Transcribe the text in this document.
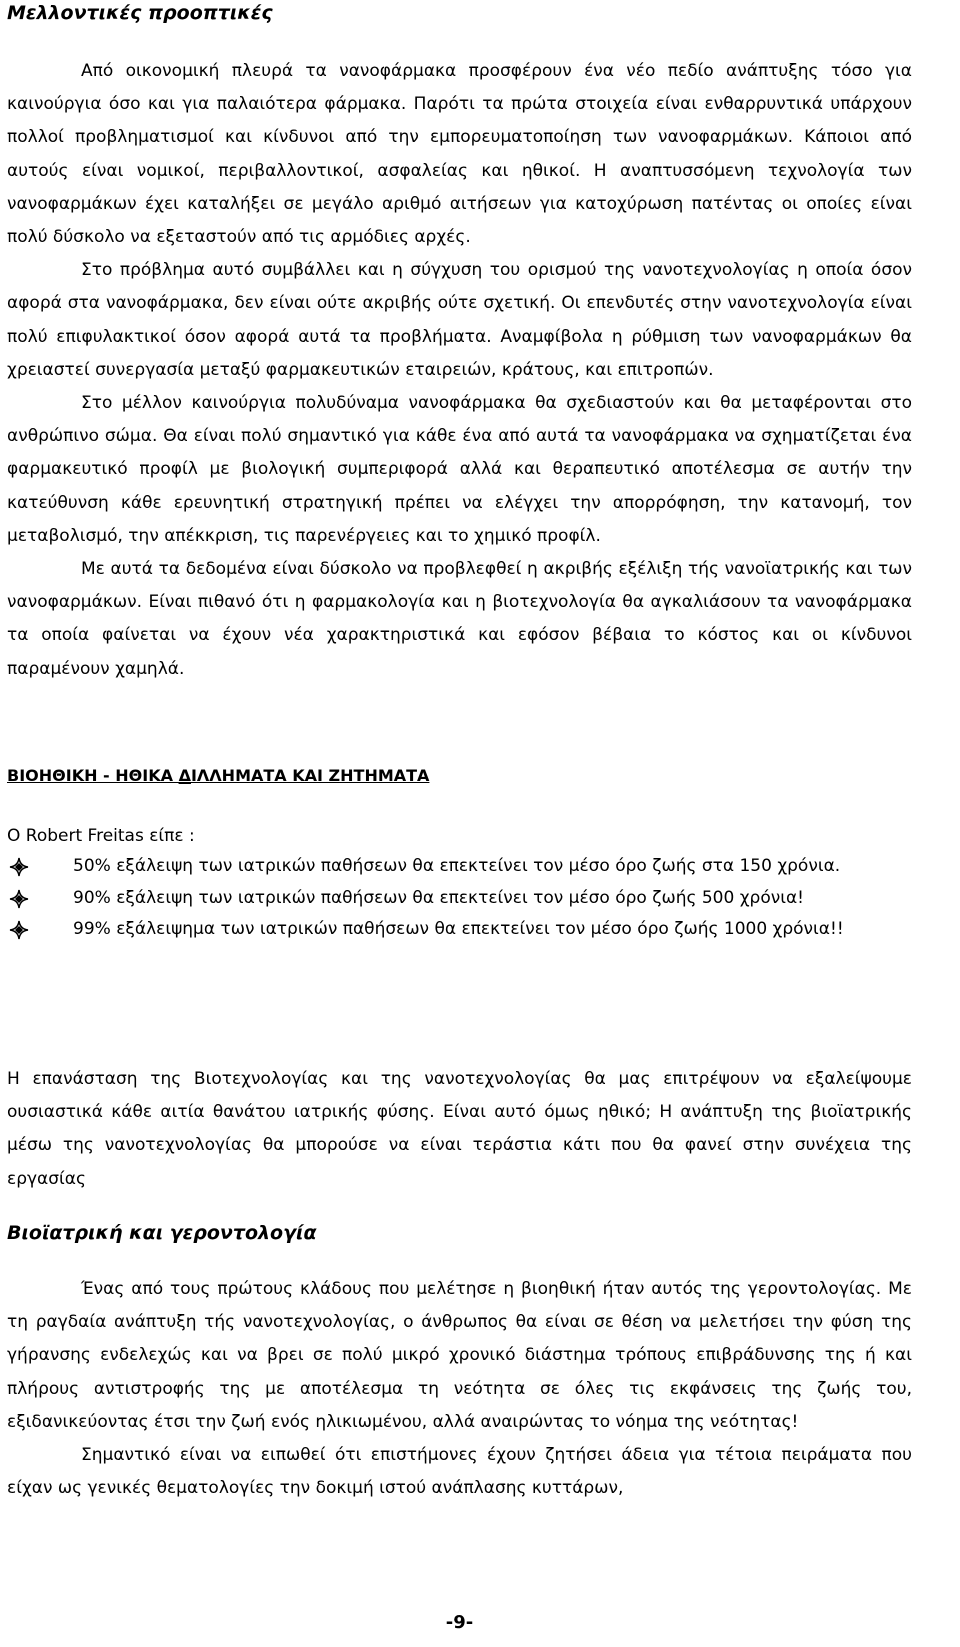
Μελλοντικές προοπτικές

Από οικονομική πλευρά τα νανοφάρμακα προσφέρουν ένα νέο πεδίο ανάπτυξης τόσο για καινούργια όσο και για παλαιότερα φάρμακα. Παρότι τα πρώτα στοιχεία είναι ενθαρρυντικά υπάρχουν πολλοί προβληματισμοί και κίνδυνοι από την εμπορευματοποίηση των νανοφαρμάκων. Κάποιοι από αυτούς είναι νομικοί, περιβαλλοντικοί, ασφαλείας και ηθικοί. Η αναπτυσσόμενη τεχνολογία των νανοφαρμάκων έχει καταλήξει σε μεγάλο αριθμό αιτήσεων για κατοχύρωση πατέντας οι οποίες είναι πολύ δύσκολο να εξεταστούν από τις αρμόδιες αρχές.

Στο πρόβλημα αυτό συμβάλλει και η σύγχυση του ορισμού της νανοτεχνολογίας η οποία όσον αφορά στα νανοφάρμακα, δεν είναι ούτε ακριβής ούτε σχετική. Οι επενδυτές στην νανοτεχνολογία είναι πολύ επιφυλακτικοί όσον αφορά αυτά τα προβλήματα. Αναμφίβολα η ρύθμιση των νανοφαρμάκων θα χρειαστεί συνεργασία μεταξύ φαρμακευτικών εταιρειών, κράτους, και επιτροπών.

Στο μέλλον καινούργια πολυδύναμα νανοφάρμακα θα σχεδιαστούν και θα μεταφέρονται στο ανθρώπινο σώμα. Θα είναι πολύ σημαντικό για κάθε ένα από αυτά τα νανοφάρμακα να σχηματίζεται ένα φαρμακευτικό προφίλ με βιολογική συμπεριφορά αλλά και θεραπευτικό αποτέλεσμα σε αυτήν την κατεύθυνση κάθε ερευνητική στρατηγική πρέπει να ελέγχει την απορρόφηση, την κατανομή, τον μεταβολισμό, την απέκκριση, τις παρενέργειες και το χημικό προφίλ.

Με αυτά τα δεδομένα είναι δύσκολο να προβλεφθεί η ακριβής εξέλιξη τής νανοϊατρικής και των νανοφαρμάκων. Είναι πιθανό ότι η φαρμακολογία και η βιοτεχνολογία θα αγκαλιάσουν τα νανοφάρμακα τα οποία φαίνεται να έχουν νέα χαρακτηριστικά και εφόσον βέβαια το κόστος και οι κίνδυνοι παραμένουν χαμηλά.

ΒΙΟΗΘΙΚΗ - ΗΘΙΚΑ ΔΙΛΛΗΜΑΤΑ ΚΑΙ ΖΗΤΗΜΑΤΑ

Ο Robert Freitas είπε :

50% εξάλειψη των ιατρικών παθήσεων θα επεκτείνει τον μέσο όρο ζωής στα 150 χρόνια.
90% εξάλειψη των ιατρικών παθήσεων θα επεκτείνει τον μέσο όρο ζωής 500 χρόνια!
99% εξάλειψημα των ιατρικών παθήσεων θα επεκτείνει τον μέσο όρο ζωής 1000 χρόνια!!

Η επανάσταση της Βιοτεχνολογίας και της νανοτεχνολογίας θα μας επιτρέψουν να εξαλείψουμε ουσιαστικά κάθε αιτία θανάτου ιατρικής φύσης. Είναι αυτό όμως ηθικό; Η ανάπτυξη της βιοϊατρικής μέσω της νανοτεχνολογίας θα μπορούσε να είναι τεράστια κάτι που θα φανεί στην συνέχεια της εργασίας

Βιοϊατρική και γεροντολογία

Ένας από τους πρώτους κλάδους που μελέτησε η βιοηθική ήταν αυτός της γεροντολογίας. Με τη ραγδαία ανάπτυξη τής νανοτεχνολογίας, ο άνθρωπος θα είναι σε θέση να μελετήσει την φύση της γήρανσης ενδελεχώς και να βρει σε πολύ μικρό χρονικό διάστημα τρόπους επιβράδυνσης της ή και πλήρους αντιστροφής της με αποτέλεσμα τη νεότητα σε όλες τις εκφάνσεις της ζωής του, εξιδανικεύοντας έτσι την ζωή ενός ηλικιωμένου, αλλά αναιρώντας το νόημα της νεότητας!

Σημαντικό είναι να ειπωθεί ότι επιστήμονες έχουν ζητήσει άδεια για τέτοια πειράματα που είχαν ως γενικές θεματολογίες την δοκιμή ιστού ανάπλασης κυττάρων,

-9-
